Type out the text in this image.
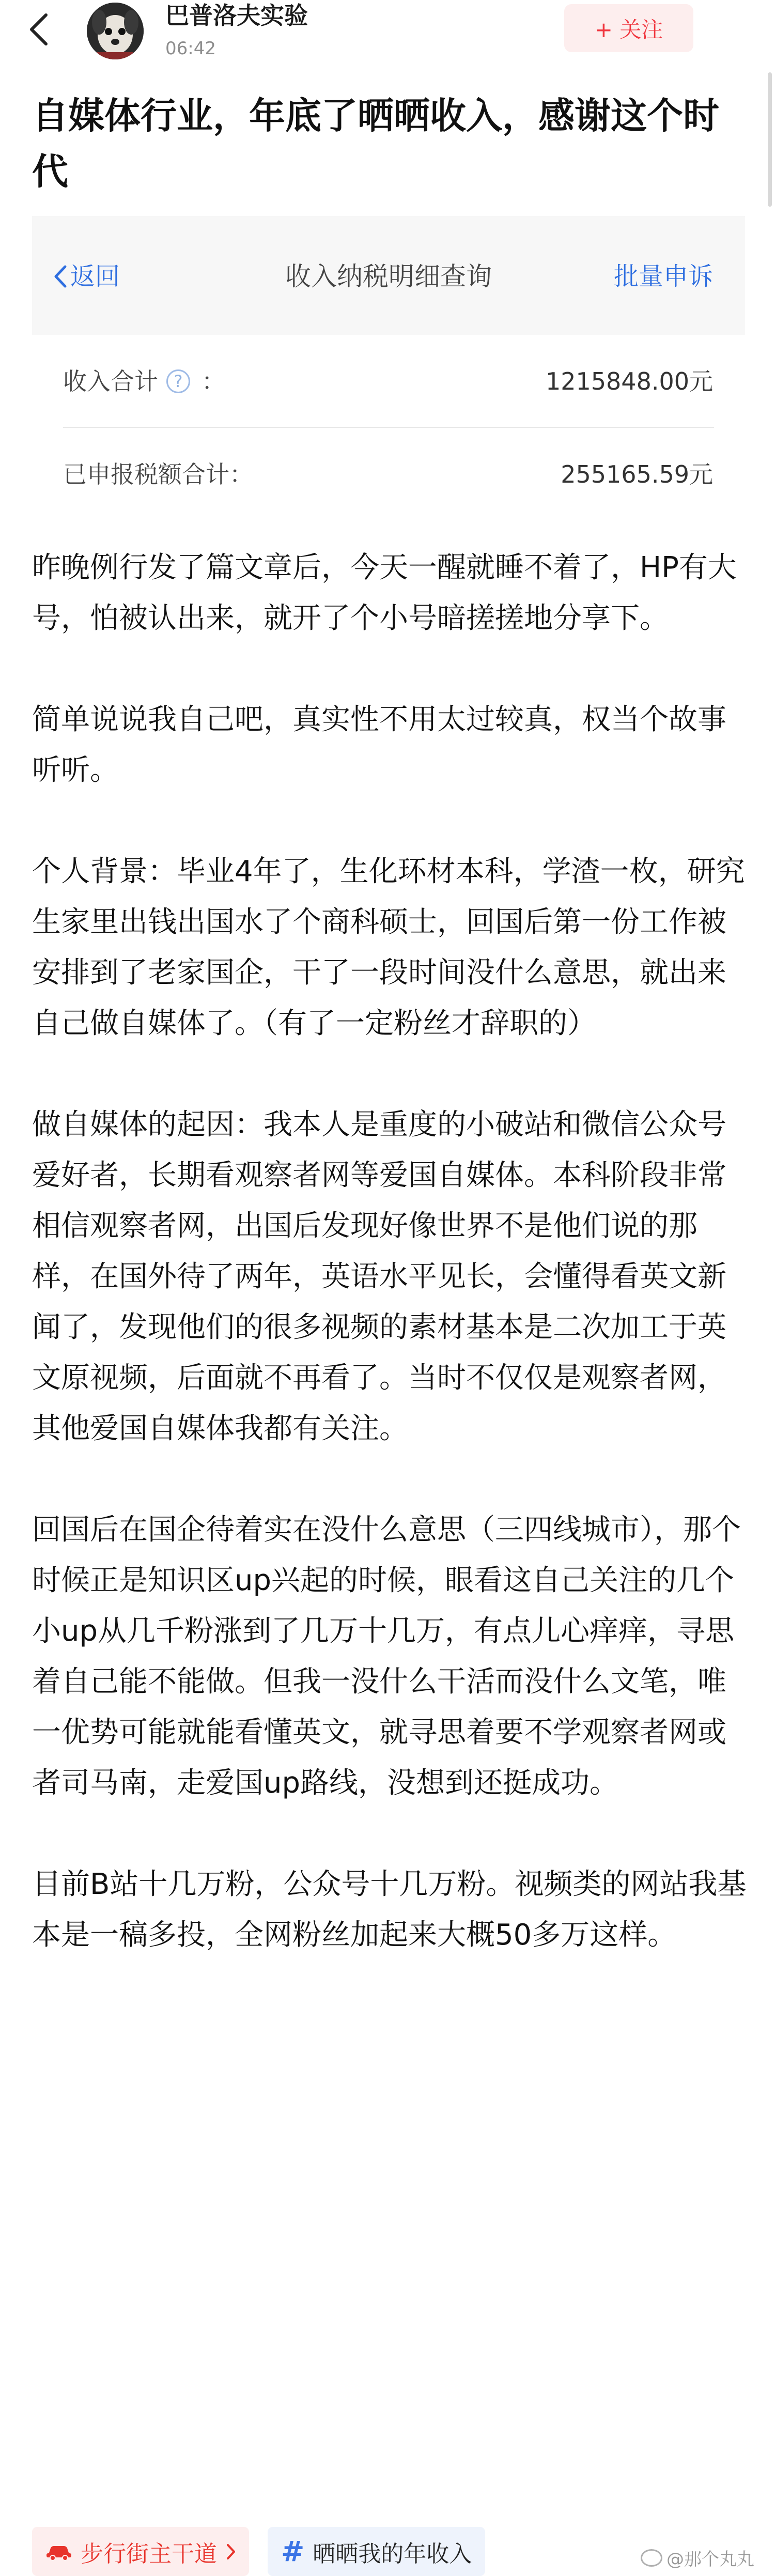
巴普洛夫实验
06:42
+ 关注
自媒体行业，年底了晒晒收入，感谢这个时代
返回	收入纳税明细查询	批量申诉
收入合计 ? ：	1215848.00元
已申报税额合计：	255165.59元

昨晚例行发了篇文章后，今天一醒就睡不着了，HP有大号，怕被认出来，就开了个小号暗搓搓地分享下。

简单说说我自己吧，真实性不用太过较真，权当个故事听听。

个人背景：毕业4年了，生化环材本科，学渣一枚，研究生家里出钱出国水了个商科硕士，回国后第一份工作被安排到了老家国企，干了一段时间没什么意思，就出来自己做自媒体了。（有了一定粉丝才辞职的）

做自媒体的起因：我本人是重度的小破站和微信公众号爱好者，长期看观察者网等爱国自媒体。本科阶段非常相信观察者网，出国后发现好像世界不是他们说的那样，在国外待了两年，英语水平见长，会懂得看英文新闻了，发现他们的很多视频的素材基本是二次加工于英文原视频，后面就不再看了。当时不仅仅是观察者网，其他爱国自媒体我都有关注。

回国后在国企待着实在没什么意思（三四线城市），那个时候正是知识区up兴起的时候，眼看这自己关注的几个小up从几千粉涨到了几万十几万，有点儿心痒痒，寻思着自己能不能做。但我一没什么干活而没什么文笔，唯一优势可能就能看懂英文，就寻思着要不学观察者网或者司马南，走爱国up路线，没想到还挺成功。

目前B站十几万粉，公众号十几万粉。视频类的网站我基本是一稿多投，全网粉丝加起来大概50多万这样。

步行街主干道 # 晒晒我的年收入	@那个丸丸
